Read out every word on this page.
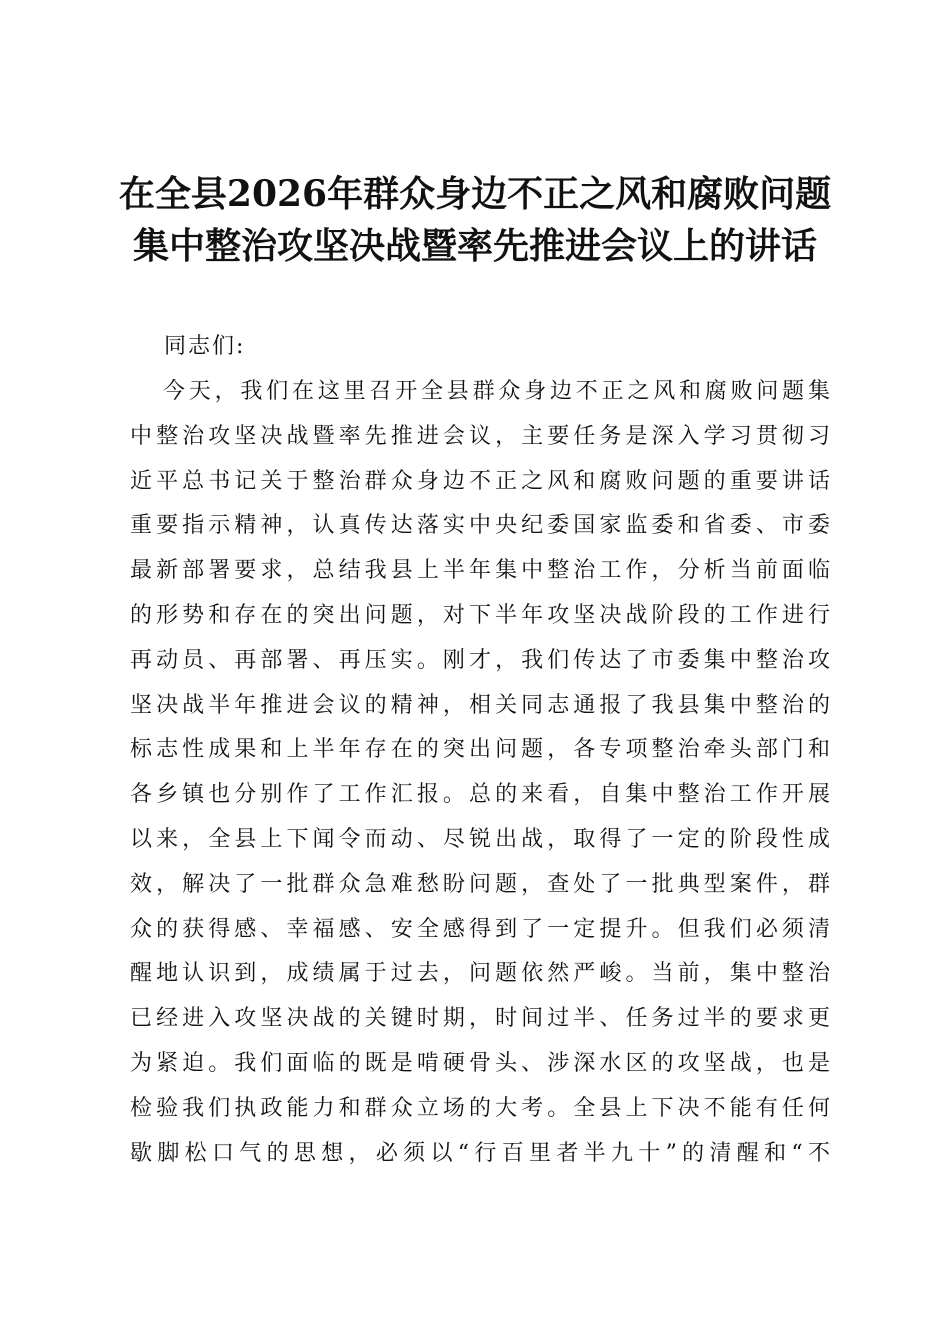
在全县2026年群众身边不正之风和腐败问题
集中整治攻坚决战暨率先推进会议上的讲话
同志们:
今天，我们在这里召开全县群众身边不正之风和腐败问题集
中整治攻坚决战暨率先推进会议，主要任务是深入学习贯彻习
近平总书记关于整治群众身边不正之风和腐败问题的重要讲话
重要指示精神，认真传达落实中央纪委国家监委和省委、市委
最新部署要求，总结我县上半年集中整治工作，分析当前面临
的形势和存在的突出问题，对下半年攻坚决战阶段的工作进行
再动员、再部署、再压实。刚才，我们传达了市委集中整治攻
坚决战半年推进会议的精神，相关同志通报了我县集中整治的
标志性成果和上半年存在的突出问题，各专项整治牵头部门和
各乡镇也分别作了工作汇报。总的来看，自集中整治工作开展
以来，全县上下闻令而动、尽锐出战，取得了一定的阶段性成
效，解决了一批群众急难愁盼问题，查处了一批典型案件，群
众的获得感、幸福感、安全感得到了一定提升。但我们必须清
醒地认识到，成绩属于过去，问题依然严峻。当前，集中整治
已经进入攻坚决战的关键时期，时间过半、任务过半的要求更
为紧迫。我们面临的既是啃硬骨头、涉深水区的攻坚战，也是
检验我们执政能力和群众立场的大考。全县上下决不能有任何
歇脚松口气的思想，必须以“行百里者半九十”的清醒和“不
